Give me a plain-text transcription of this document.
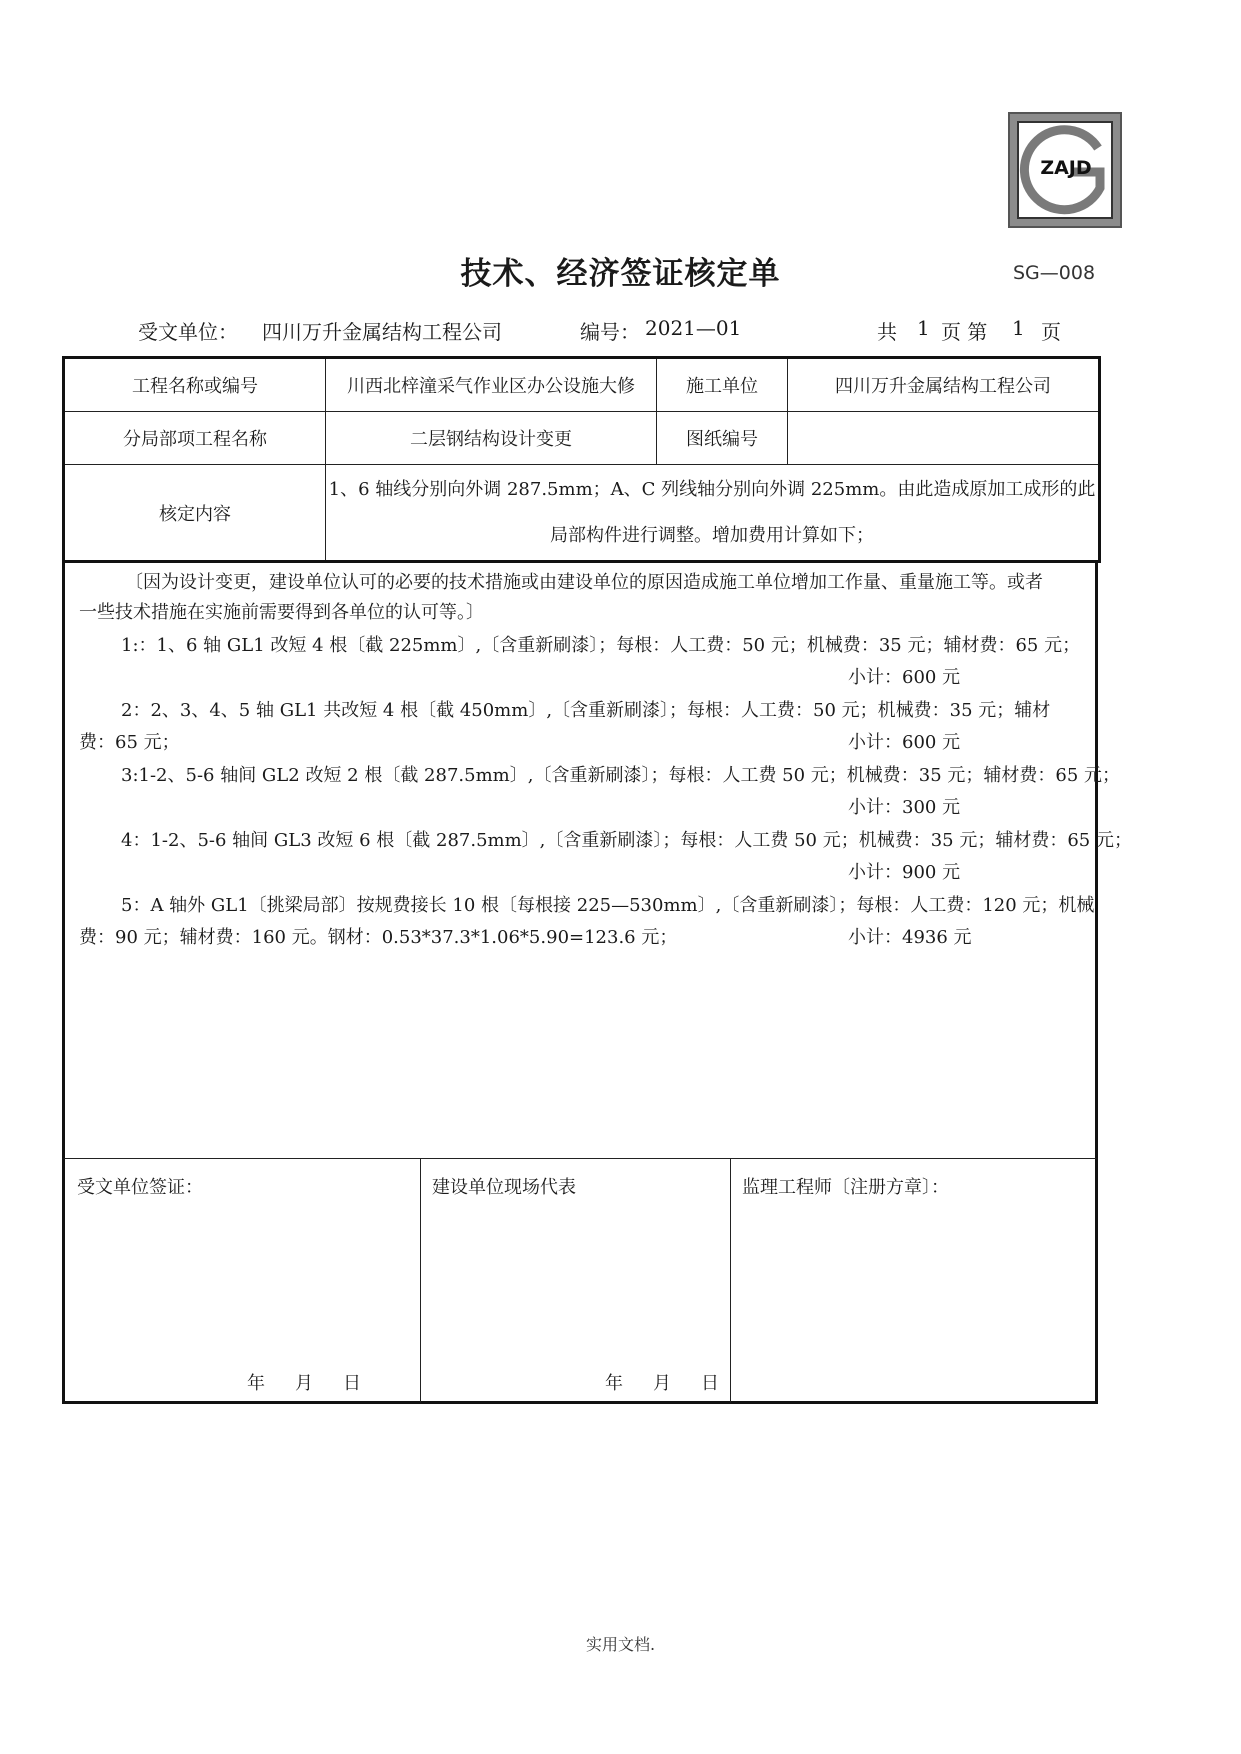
ZAJD
技术、经济签证核定单	SG—008
受文单位： 四川万升金属结构工程公司	编号： 2021—01	共 1 页 第 1 页
工程名称或编号	川西北梓潼采气作业区办公设施大修	施工单位	四川万升金属结构工程公司
分局部项工程名称	二层钢结构设计变更	图纸编号	
核定内容	1、6 轴线分别向外调 287.5mm；A、C 列线轴分别向外调 225mm。由此造成原加工成形的此
局部构件进行调整。增加费用计算如下；		
〔因为设计变更，建设单位认可的必要的技术措施或由建设单位的原因造成施工单位增加工作量、重量施工等。或者
一些技术措施在实施前需要得到各单位的认可等。〕
1:：1、6 轴 GL1 改短 4 根〔截 225mm〕,〔含重新刷漆〕；每根：人工费：50 元；机械费：35 元；辅材费：65 元；
小计：600 元
2：2、3、4、5 轴 GL1 共改短 4 根〔截 450mm〕,〔含重新刷漆〕；每根：人工费：50 元；机械费：35 元；辅材
费：65 元；	小计：600 元
3:1-2、5-6 轴间 GL2 改短 2 根〔截 287.5mm〕,〔含重新刷漆〕；每根：人工费 50 元；机械费：35 元；辅材费：65 元；
小计：300 元
4：1-2、5-6 轴间 GL3 改短 6 根〔截 287.5mm〕,〔含重新刷漆〕；每根：人工费 50 元；机械费：35 元；辅材费：65 元；
小计：900 元
5：A 轴外 GL1〔挑梁局部〕按规费接长 10 根〔每根接 225—530mm〕,〔含重新刷漆〕；每根：人工费：120 元；机械
费：90 元；辅材费：160 元。钢材：0.53*37.3*1.06*5.90=123.6 元；	小计：4936 元
受文单位签证：
年 月 日
建设单位现场代表
年 月 日
监理工程师〔注册方章〕：
实用文档.
